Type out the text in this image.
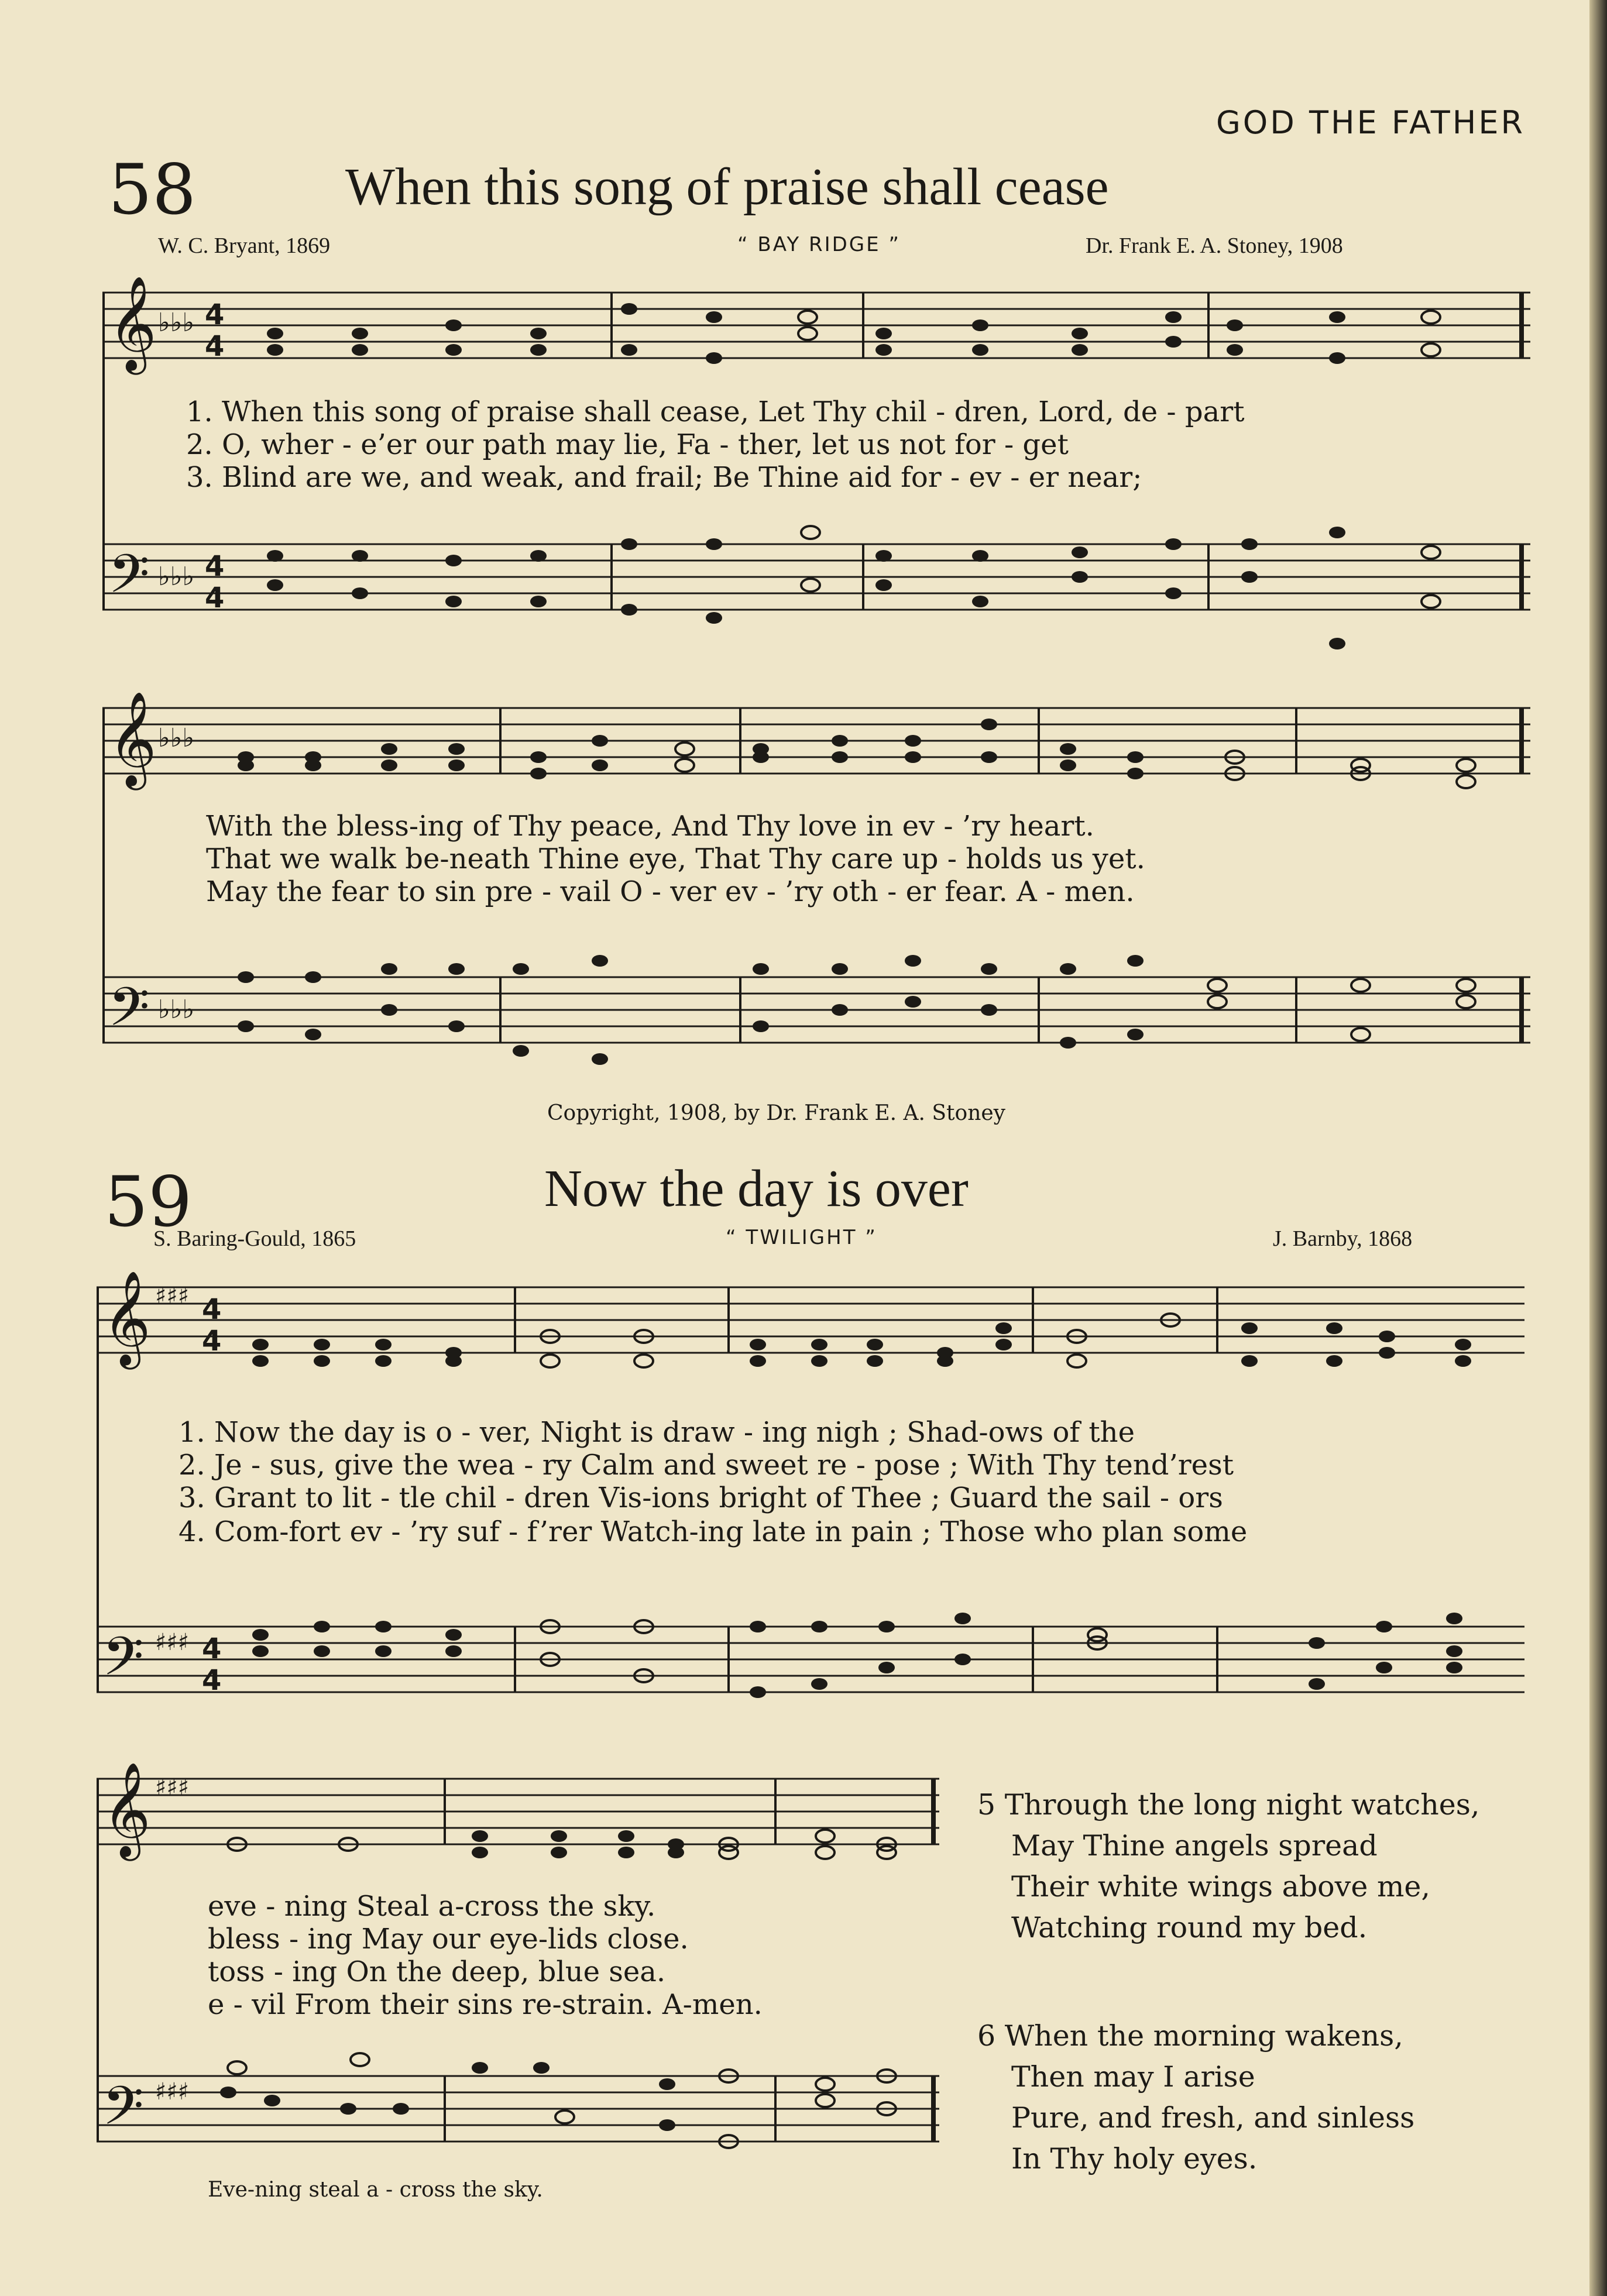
GOD THE FATHER
58	When this song of praise shall cease
W. C. Bryant, 1869	“ BAY RIDGE ”	Dr. Frank E. A. Stoney, 1908
𝄞
𝄢
♭♭♭
♭♭♭
4
4
4
4
1. When this song of praise shall cease, Let Thy chil - dren, Lord, de - part
2. O, wher - e’er our path may lie, Fa - ther, let us not for - get
3. Blind are we, and weak, and frail; Be Thine aid for - ev - er near;
𝄞
𝄢
♭♭♭
♭♭♭
With the bless-ing of Thy peace, And Thy love in ev - ’ry heart.
That we walk be-neath Thine eye, That Thy care up - holds us yet.
May the fear to sin pre - vail O - ver ev - ’ry oth - er fear. A - men.
Copyright, 1908, by Dr. Frank E. A. Stoney
59	Now the day is over
S. Baring-Gould, 1865	“ TWILIGHT ”	J. Barnby, 1868
𝄞
𝄢
♯♯♯
♯♯♯
4
4
4
4
1. Now the day is o - ver, Night is draw - ing nigh ; Shad-ows of the
2. Je - sus, give the wea - ry Calm and sweet re - pose ; With Thy tend’rest
3. Grant to lit - tle chil - dren Vis-ions bright of Thee ; Guard the sail - ors
4. Com-fort ev - ’ry suf - f’rer Watch-ing late in pain ; Those who plan some
𝄞
𝄢
♯♯♯
♯♯♯
eve - ning Steal a-cross the sky.
bless - ing May our eye-lids close.
toss - ing On the deep, blue sea.
e - vil From their sins re-strain. A-men.
Eve-ning steal a - cross the sky.
5 Through the long night watches,
May Thine angels spread
Their white wings above me,
Watching round my bed.
6 When the morning wakens,
Then may I arise
Pure, and fresh, and sinless
In Thy holy eyes.
